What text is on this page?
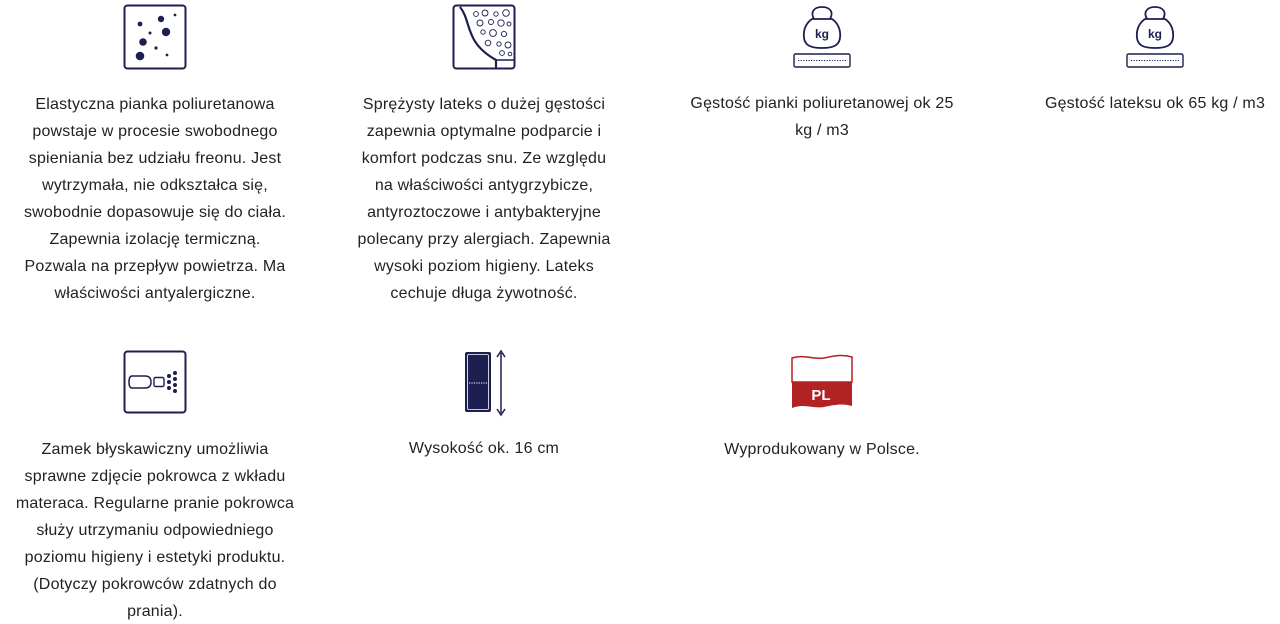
Elastyczna pianka poliuretanowa
powstaje w procesie swobodnego
spieniania bez udziału freonu. Jest
wytrzymała, nie odkształca się,
swobodnie dopasowuje się do ciała.
Zapewnia izolację termiczną.
Pozwala na przepływ powietrza. Ma
właściwości antyalergiczne.
Sprężysty lateks o dużej gęstości
zapewnia optymalne podparcie i
komfort podczas snu. Ze względu
na właściwości antygrzybicze,
antyroztoczowe i antybakteryjne
polecany przy alergiach. Zapewnia
wysoki poziom higieny. Lateks
cechuje długa żywotność.
kg
Gęstość pianki poliuretanowej ok 25
kg / m3
kg
Gęstość lateksu ok 65 kg / m3
Zamek błyskawiczny umożliwia
sprawne zdjęcie pokrowca z wkładu
materaca. Regularne pranie pokrowca
służy utrzymaniu odpowiedniego
poziomu higieny i estetyki produktu.
(Dotyczy pokrowców zdatnych do
prania).
Wysokość ok. 16 cm
PL
Wyprodukowany w Polsce.
